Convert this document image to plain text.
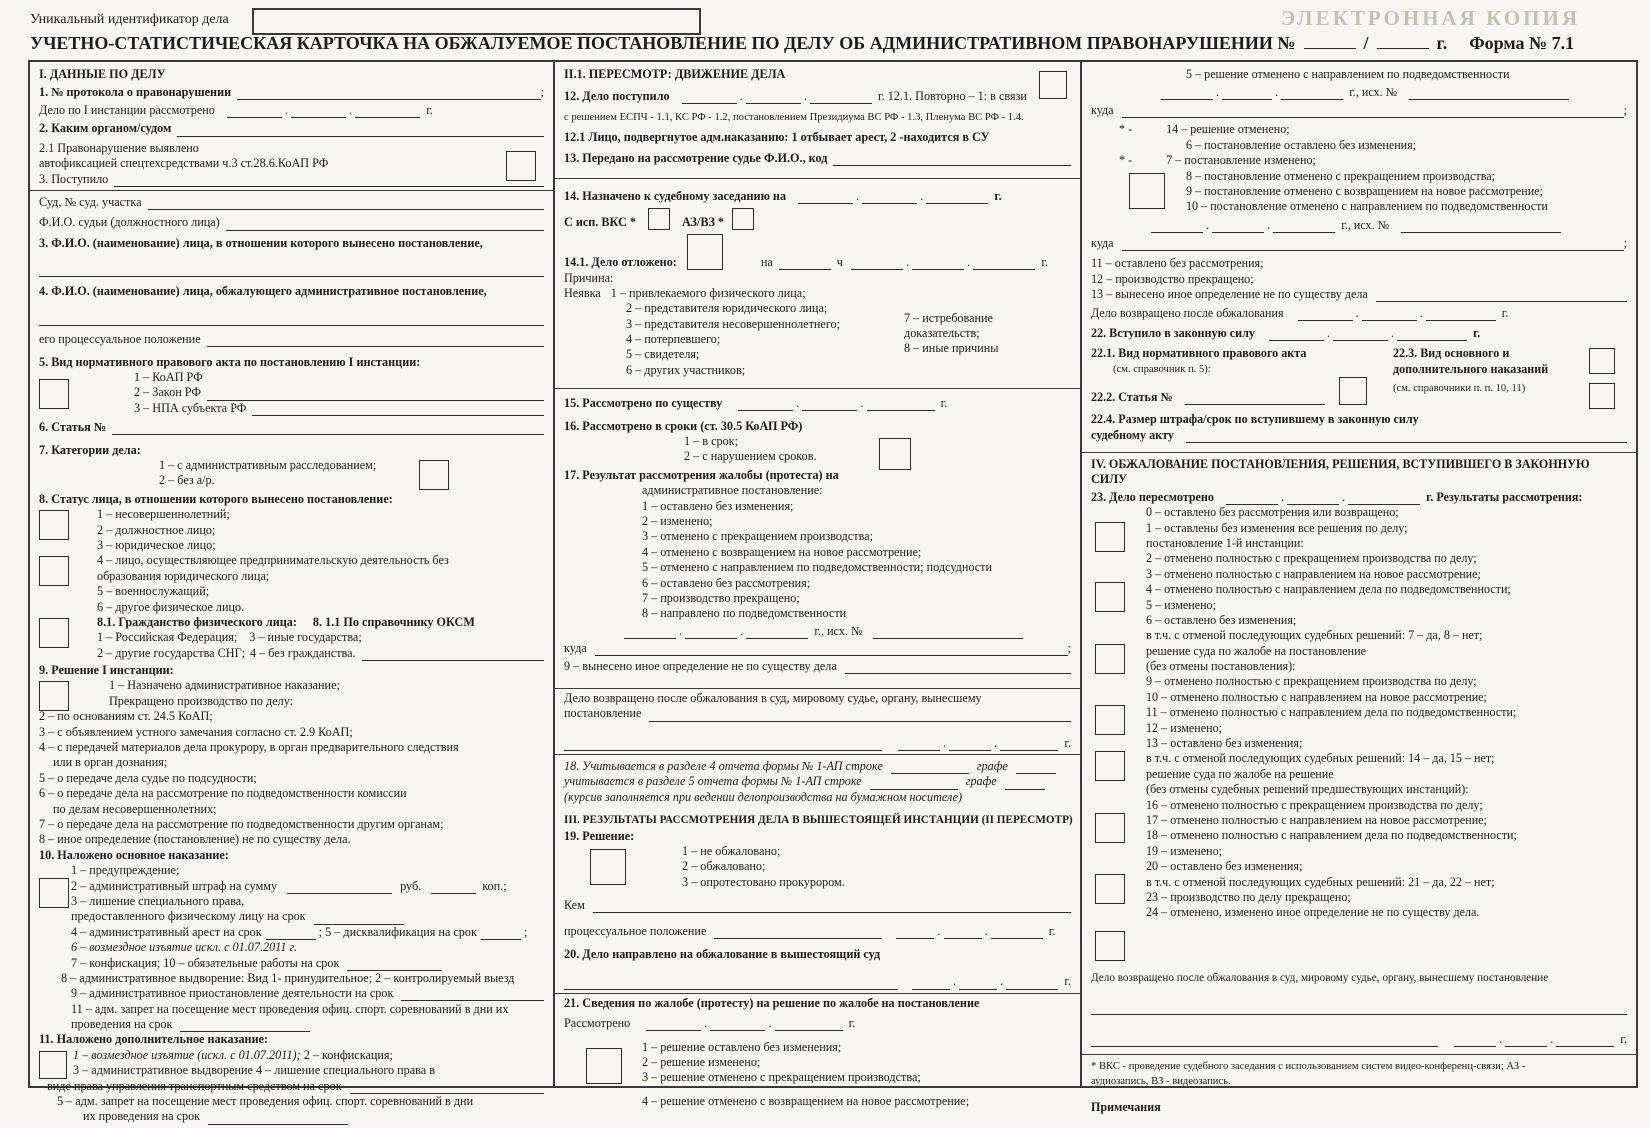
Уникальный идентификатор дела	ЭЛЕКТРОННАЯ КОПИЯ
УЧЕТНО-СТАТИСТИЧЕСКАЯ КАРТОЧКА НА ОБЖАЛУЕМОЕ ПОСТАНОВЛЕНИЕ ПО ДЕЛУ ОБ АДМИНИСТРАТИВНОМ ПРАВОНАРУШЕНИИ №	/	г. Форма № 7.1
I. ДАННЫЕ ПО ДЕЛУ
1. № протокола о правонарушении	;
Дело по I инстанции рассмотрено	.	.	г.
2. Каким органом/судом
2.1 Правонарушение выявлено
автофиксацией спецтехсредствами ч.3 ст.28.6.КоАП РФ
3. Поступило
Суд, № суд. участка
Ф.И.О. судьи (должностного лица)
3. Ф.И.О. (наименование) лица, в отношении которого вынесено постановление,
4. Ф.И.О. (наименование) лица, обжалующего административное постановление,
его процессуальное положение
5. Вид нормативного правового акта по постановлению I инстанции:
1 – КоАП РФ
2 – Закон РФ
3 – НПА субъекта РФ
6. Статья №
7. Категории дела:
1 – с административным расследованием;
2 – без а/р.
8. Статус лица, в отношении которого вынесено постановление:
1 – несовершеннолетний;
2 – должностное лицо;
3 – юридическое лицо;
4 – лицо, осуществляющее предпринимательскую деятельность без
образования юридического лица;
5 – военнослужащий;
6 – другое физическое лицо.
8.1. Гражданство физического лица: 8. 1.1 По справочнику ОКСМ
1 – Российская Федерация; 3 – иные государства;
2 – другие государства СНГ; 4 – без гражданства.
9. Решение I инстанции:
1 – Назначено административное наказание;
Прекращено производство по делу:
2 – по основаниям ст. 24.5 КоАП;
3 – с объявлением устного замечания согласно ст. 2.9 КоАП;
4 – с передачей материалов дела прокурору, в орган предварительного следствия
или в орган дознания;
5 – о передаче дела судье по подсудности;
6 – о передаче дела на рассмотрение по подведомственности комиссии
по делам несовершеннолетних;
7 – о передаче дела на рассмотрение по подведомственности другим органам;
8 – иное определение (постановление) не по существу дела.
10. Наложено основное наказание:
1 – предупреждение;
2 – административный штраф на сумму	руб.	коп.;
3 – лишение специального права,
предоставленного физическому лицу на срок
4 – административный арест на срок	; 5 – дисквалификация на срок	;
6 – возмездное изъятие искл. с 01.07.2011 г.
7 – конфискация; 10 – обязательные работы на срок
8 – административное выдворение: Вид 1- принудительное; 2 – контролируемый выезд
9 – административное приостановление деятельности на срок
11 – адм. запрет на посещение мест проведения офиц. спорт. соревнований в дни их
проведения на срок
11. Наложено дополнительное наказание:
1 – возмездное изъятие (искл. с 01.07.2011); 2 – конфискация;
3 – административное выдворение 4 – лишение специального права в
виде права управления транспортным средством на срок
5 – адм. запрет на посещение мест проведения офиц. спорт. соревнований в дни
их проведения на срок
II.1. ПЕРЕСМОТР: ДВИЖЕНИЕ ДЕЛА
12. Дело поступило	.	.	г. 12.1. Повторно – 1: в связи
с решением ЕСПЧ - 1.1, КС РФ - 1.2, постановлением Президиума ВС РФ - 1.3, Пленума ВС РФ - 1.4.
12.1 Лицо, подвергнутое адм.наказанию: 1 отбывает арест, 2 -находится в СУ
13. Передано на рассмотрение судье Ф.И.О., код
14. Назначено к судебному заседанию на	.	.
	г.
С исп. ВКС *	АЗ/ВЗ *
14.1. Дело отложено:	на	ч	.	.	г.
Причина:
Неявка 1 – привлекаемого физического лица;
2 – представителя юридического лица;
3 – представителя несовершеннолетнего;	7 – истребование
4 – потерпевшего;	доказательств;
5 – свидетеля;	8 – иные причины
6 – других участников;
15. Рассмотрено по существу	.	.	г.
16. Рассмотрено в сроки (ст. 30.5 КоАП РФ)
1 – в срок;
2 – с нарушением сроков.
17. Результат рассмотрения жалобы (протеста) на
административное постановление:
1 – оставлено без изменения;
2 – изменено;
3 – отменено с прекращением производства;
4 – отменено с возвращением на новое рассмотрение;
5 – отменено с направлением по подведомственности; подсудности
6 – оставлено без рассмотрения;
7 – производство прекращено;
8 – направлено по подведомственности
.	.	г., исх. №
куда	;
9 – вынесено иное определение не по существу дела
Дело возвращено после обжалования в суд, мировому судье, органу, вынесшему
постановление
.	.	г.
18. Учитывается в разделе 4 отчета формы № 1-АП строке	графе
учитывается в разделе 5 отчета формы № 1-АП строке	графе
(курсив заполняется при ведении делопроизводства на бумажном носителе)
III. РЕЗУЛЬТАТЫ РАССМОТРЕНИЯ ДЕЛА В ВЫШЕСТОЯЩЕЙ ИНСТАНЦИИ (II ПЕРЕСМОТР)
19. Решение:
1 – не обжаловано;
2 – обжаловано;
3 – опротестовано прокурором.
Кем
процессуальное положение	.	.	г.
20. Дело направлено на обжалование в вышестоящий суд
.	.	г.
21. Сведения по жалобе (протесту) на решение по жалобе на постановление
Рассмотрено	.	.	г.
1 – решение оставлено без изменения;
2 – решение изменено;
3 – решение отменено с прекращением производства;
4 – решение отменено с возвращением на новое рассмотрение;
5 – решение отменено с направлением по подведомственности
.	.	г., исх. №
куда	;
* -	14 – решение отменено;
6 – постановление оставлено без изменения;
* -	7 – постановление изменено;
8 – постановление отменено с прекращением производства;
9 – постановление отменено с возвращением на новое рассмотрение;
10 – постановление отменено с направлением по подведомственности
.	.	г., исх. №
куда	;
11 – оставлено без рассмотрения;
12 – производство прекращено;
13 – вынесено иное определение не по существу дела
Дело возвращено после обжалования	.	.	г.
22. Вступило в законную силу	.	.
	г.
22.1. Вид нормативного правового акта	22.3. Вид основного и
(см. справочник п. 5):	дополнительного наказаний
22.2. Статья №
(см. справочники п. п. 10, 11)
22.4. Размер штрафа/срок по вступившему в законную силу
судебному акту
IV. ОБЖАЛОВАНИЕ ПОСТАНОВЛЕНИЯ, РЕШЕНИЯ, ВСТУПИВШЕГО В ЗАКОННУЮ
СИЛУ
23. Дело пересмотрено	.	.
	г. Результаты рассмотрения:
0 – оставлено без рассмотрения или возвращено;
1 – оставлены без изменения все решения по делу;
постановление 1-й инстанции:
2 – отменено полностью с прекращением производства по делу;
3 – отменено полностью с направлением на новое рассмотрение;
4 – отменено полностью с направлением дела по подведомственности;
5 – изменено;
6 – оставлено без изменения;
в т.ч. с отменой последующих судебных решений: 7 – да, 8 – нет;
решение суда по жалобе на постановление
(без отмены постановления):
9 – отменено полностью с прекращением производства по делу;
10 – отменено полностью с направлением на новое рассмотрение;
11 – отменено полностью с направлением дела по подведомственности;
12 – изменено;
13 – оставлено без изменения;
в т.ч. с отменой последующих судебных решений: 14 – да, 15 – нет;
решение суда по жалобе на решение
(без отмены судебных решений предшествующих инстанций):
16 – отменено полностью с прекращением производства по делу;
17 – отменено полностью с направлением на новое рассмотрение;
18 – отменено полностью с направлением дела по подведомственности;
19 – изменено;
20 – оставлено без изменения;
в т.ч. с отменой последующих судебных решений: 21 – да, 22 – нет;
23 – производство по делу прекращено;
24 – отменено, изменено иное определение не по существу дела.
Дело возвращено после обжалования в суд, мировому судье, органу, вынесшему постановление
.	.	г.
* ВКС - проведение судебного заседания с использованием систем видео-конференц-связи; АЗ -
аудиозапись, ВЗ - видеозапись.
Примечания
